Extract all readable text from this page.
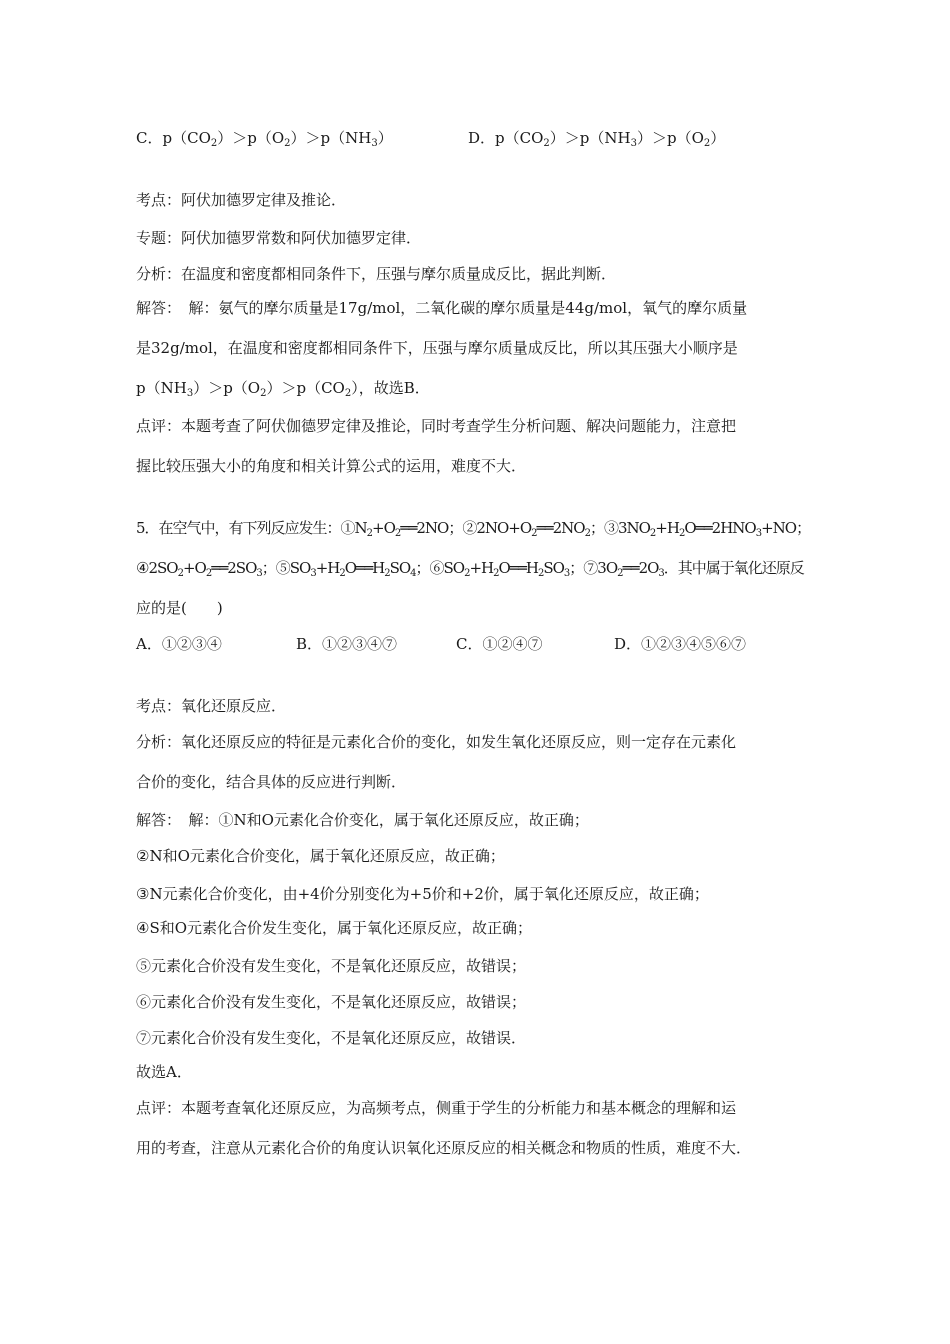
C．$p(CO_2)>p(O_2)>p(NH_3)$	D．$p(CO_2)>p(NH_3)>p(O_2)$
考点：阿伏加德罗定律及推论．
专题：阿伏加德罗常数和阿伏加德罗定律．
分析：在温度和密度都相同条件下，压强与摩尔质量成反比，据此判断．
解答：　解：氨气的摩尔质量是17g/mol，二氧化碳的摩尔质量是44g/mol，氧气的摩尔质量
是32g/mol，在温度和密度都相同条件下，压强与摩尔质量成反比，所以其压强大小顺序是
$p(NH_3)>p(O_2)>p(CO_2)$，故选B．
点评：本题考查了阿伏伽德罗定律及推论，同时考查学生分析问题、解决问题能力，注意把
握比较压强大小的角度和相关计算公式的运用，难度不大．
5．在空气中，有下列反应发生：$①N_2+O_2══2NO$；$②2NO+O_2══2NO_2$；$③3NO_2+H_2O══2HNO_3+NO$；
$④2SO_2+O_2══2SO_3$；$⑤SO_3+H_2O══H_2SO_4$；$⑥SO_2+H_2O══H_2SO_3$；$⑦3O_2══2O_3$．其中属于氧化还原反
应的是(　　)
A．①②③④	B．①②③④⑦	C．①②④⑦	D．①②③④⑤⑥⑦
考点：氧化还原反应．
分析：氧化还原反应的特征是元素化合价的变化，如发生氧化还原反应，则一定存在元素化
合价的变化，结合具体的反应进行判断．
解答：　解：①N和O元素化合价变化，属于氧化还原反应，故正确；
②N和O元素化合价变化，属于氧化还原反应，故正确；
③N元素化合价变化，由+4价分别变化为+5价和+2价，属于氧化还原反应，故正确；
④S和O元素化合价发生变化，属于氧化还原反应，故正确；
⑤元素化合价没有发生变化，不是氧化还原反应，故错误；
⑥元素化合价没有发生变化，不是氧化还原反应，故错误；
⑦元素化合价没有发生变化，不是氧化还原反应，故错误．
故选A．
点评：本题考查氧化还原反应，为高频考点，侧重于学生的分析能力和基本概念的理解和运
用的考查，注意从元素化合价的角度认识氧化还原反应的相关概念和物质的性质，难度不大．
